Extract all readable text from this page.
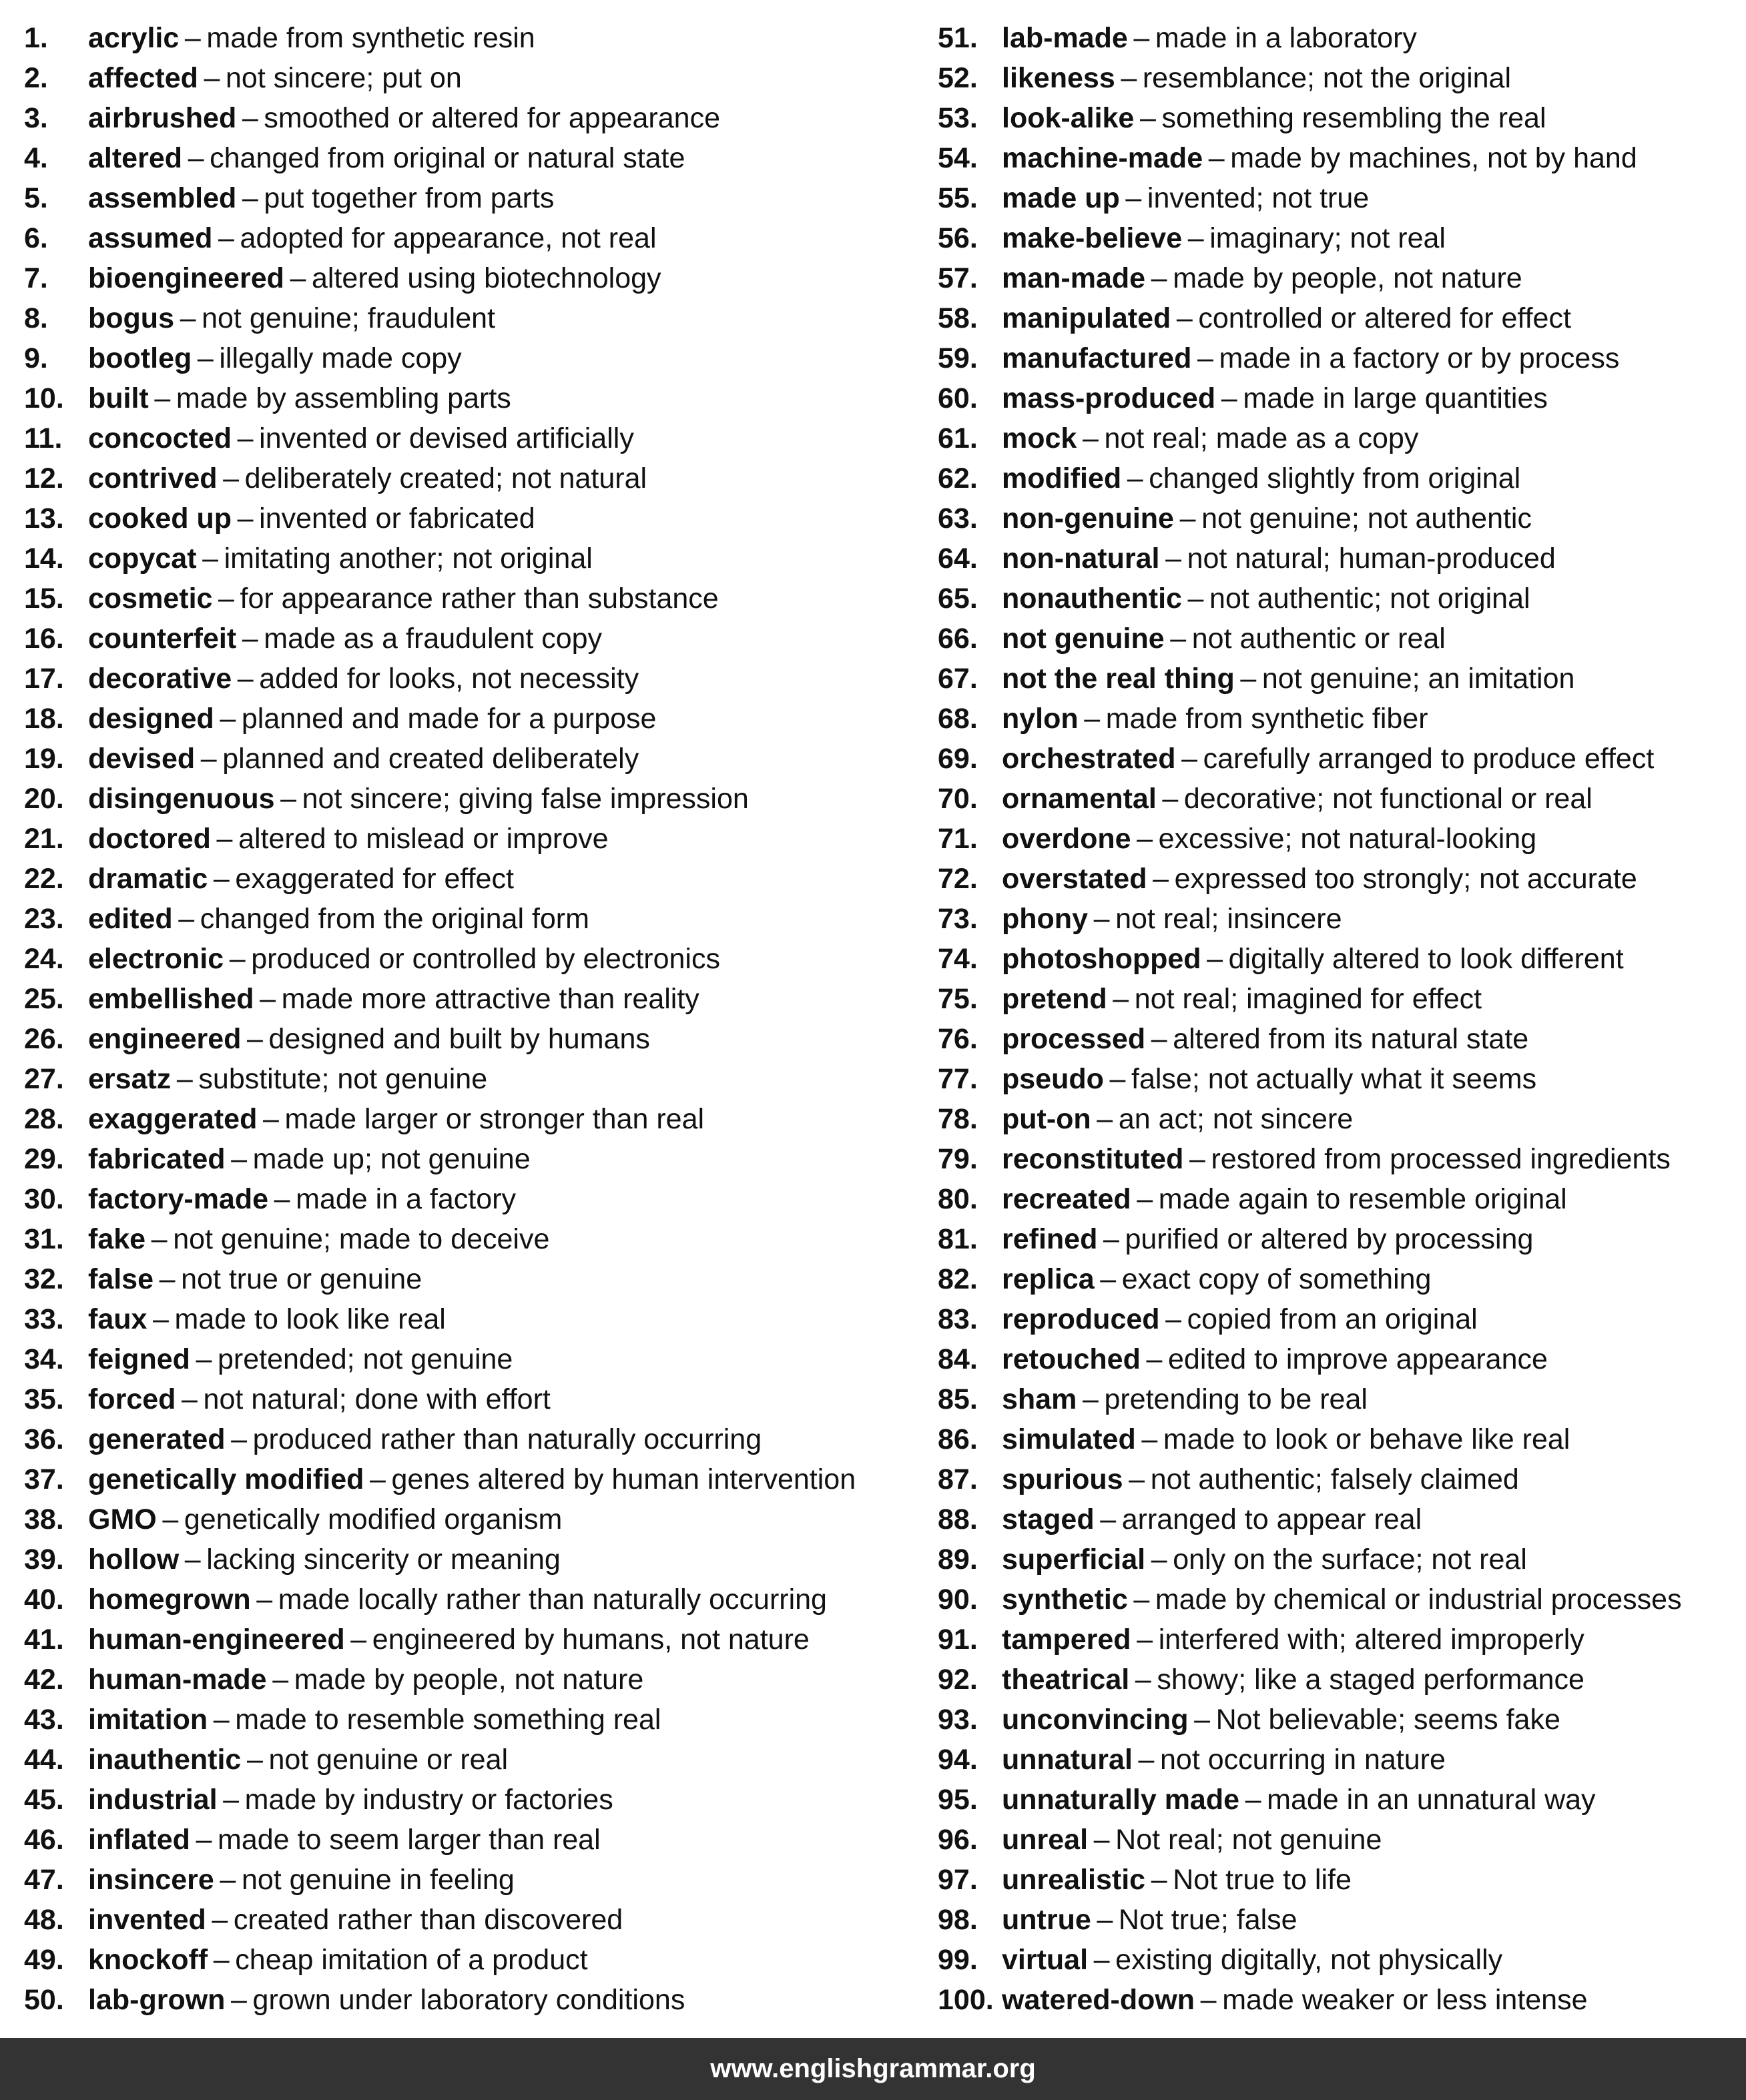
1.	acrylic – made from synthetic resin
2.	affected – not sincere; put on
3.	airbrushed – smoothed or altered for appearance
4.	altered – changed from original or natural state
5.	assembled – put together from parts
6.	assumed – adopted for appearance, not real
7.	bioengineered – altered using biotechnology
8.	bogus – not genuine; fraudulent
9.	bootleg – illegally made copy
10. built – made by assembling parts
11. concocted – invented or devised artificially
12. contrived – deliberately created; not natural
13. cooked up – invented or fabricated
14. copycat – imitating another; not original
15. cosmetic – for appearance rather than substance
16. counterfeit – made as a fraudulent copy
17. decorative – added for looks, not necessity
18. designed – planned and made for a purpose
19. devised – planned and created deliberately
20. disingenuous – not sincere; giving false impression
21. doctored – altered to mislead or improve
22. dramatic – exaggerated for effect
23. edited – changed from the original form
24. electronic – produced or controlled by electronics
25. embellished – made more attractive than reality
26. engineered – designed and built by humans
27. ersatz – substitute; not genuine
28. exaggerated – made larger or stronger than real
29. fabricated – made up; not genuine
30. factory-made – made in a factory
31. fake – not genuine; made to deceive
32. false – not true or genuine
33. faux – made to look like real
34. feigned – pretended; not genuine
35. forced – not natural; done with effort
36. generated – produced rather than naturally occurring
37. genetically modified – genes altered by human intervention
38. GMO – genetically modified organism
39. hollow – lacking sincerity or meaning
40. homegrown – made locally rather than naturally occurring
41. human-engineered – engineered by humans, not nature
42. human-made – made by people, not nature
43. imitation – made to resemble something real
44. inauthentic – not genuine or real
45. industrial – made by industry or factories
46. inflated – made to seem larger than real
47. insincere – not genuine in feeling
48. invented – created rather than discovered
49. knockoff – cheap imitation of a product
50. lab-grown – grown under laboratory conditions
51. lab-made – made in a laboratory
52. likeness – resemblance; not the original
53. look-alike – something resembling the real
54. machine-made – made by machines, not by hand
55. made up – invented; not true
56. make-believe – imaginary; not real
57. man-made – made by people, not nature
58. manipulated – controlled or altered for effect
59. manufactured – made in a factory or by process
60. mass-produced – made in large quantities
61. mock – not real; made as a copy
62. modified – changed slightly from original
63. non-genuine – not genuine; not authentic
64. non-natural – not natural; human-produced
65. nonauthentic – not authentic; not original
66. not genuine – not authentic or real
67. not the real thing – not genuine; an imitation
68. nylon – made from synthetic fiber
69. orchestrated – carefully arranged to produce effect
70. ornamental – decorative; not functional or real
71. overdone – excessive; not natural-looking
72. overstated – expressed too strongly; not accurate
73. phony – not real; insincere
74. photoshopped – digitally altered to look different
75. pretend – not real; imagined for effect
76. processed – altered from its natural state
77. pseudo – false; not actually what it seems
78. put-on – an act; not sincere
79. reconstituted – restored from processed ingredients
80. recreated – made again to resemble original
81. refined – purified or altered by processing
82. replica – exact copy of something
83. reproduced – copied from an original
84. retouched – edited to improve appearance
85. sham – pretending to be real
86. simulated – made to look or behave like real
87. spurious – not authentic; falsely claimed
88. staged – arranged to appear real
89. superficial – only on the surface; not real
90. synthetic – made by chemical or industrial processes
91. tampered – interfered with; altered improperly
92. theatrical – showy; like a staged performance
93. unconvincing – Not believable; seems fake
94. unnatural – not occurring in nature
95. unnaturally made – made in an unnatural way
96. unreal – Not real; not genuine
97. unrealistic – Not true to life
98. untrue – Not true; false
99. virtual – existing digitally, not physically
100. watered-down – made weaker or less intense
www.englishgrammar.org
